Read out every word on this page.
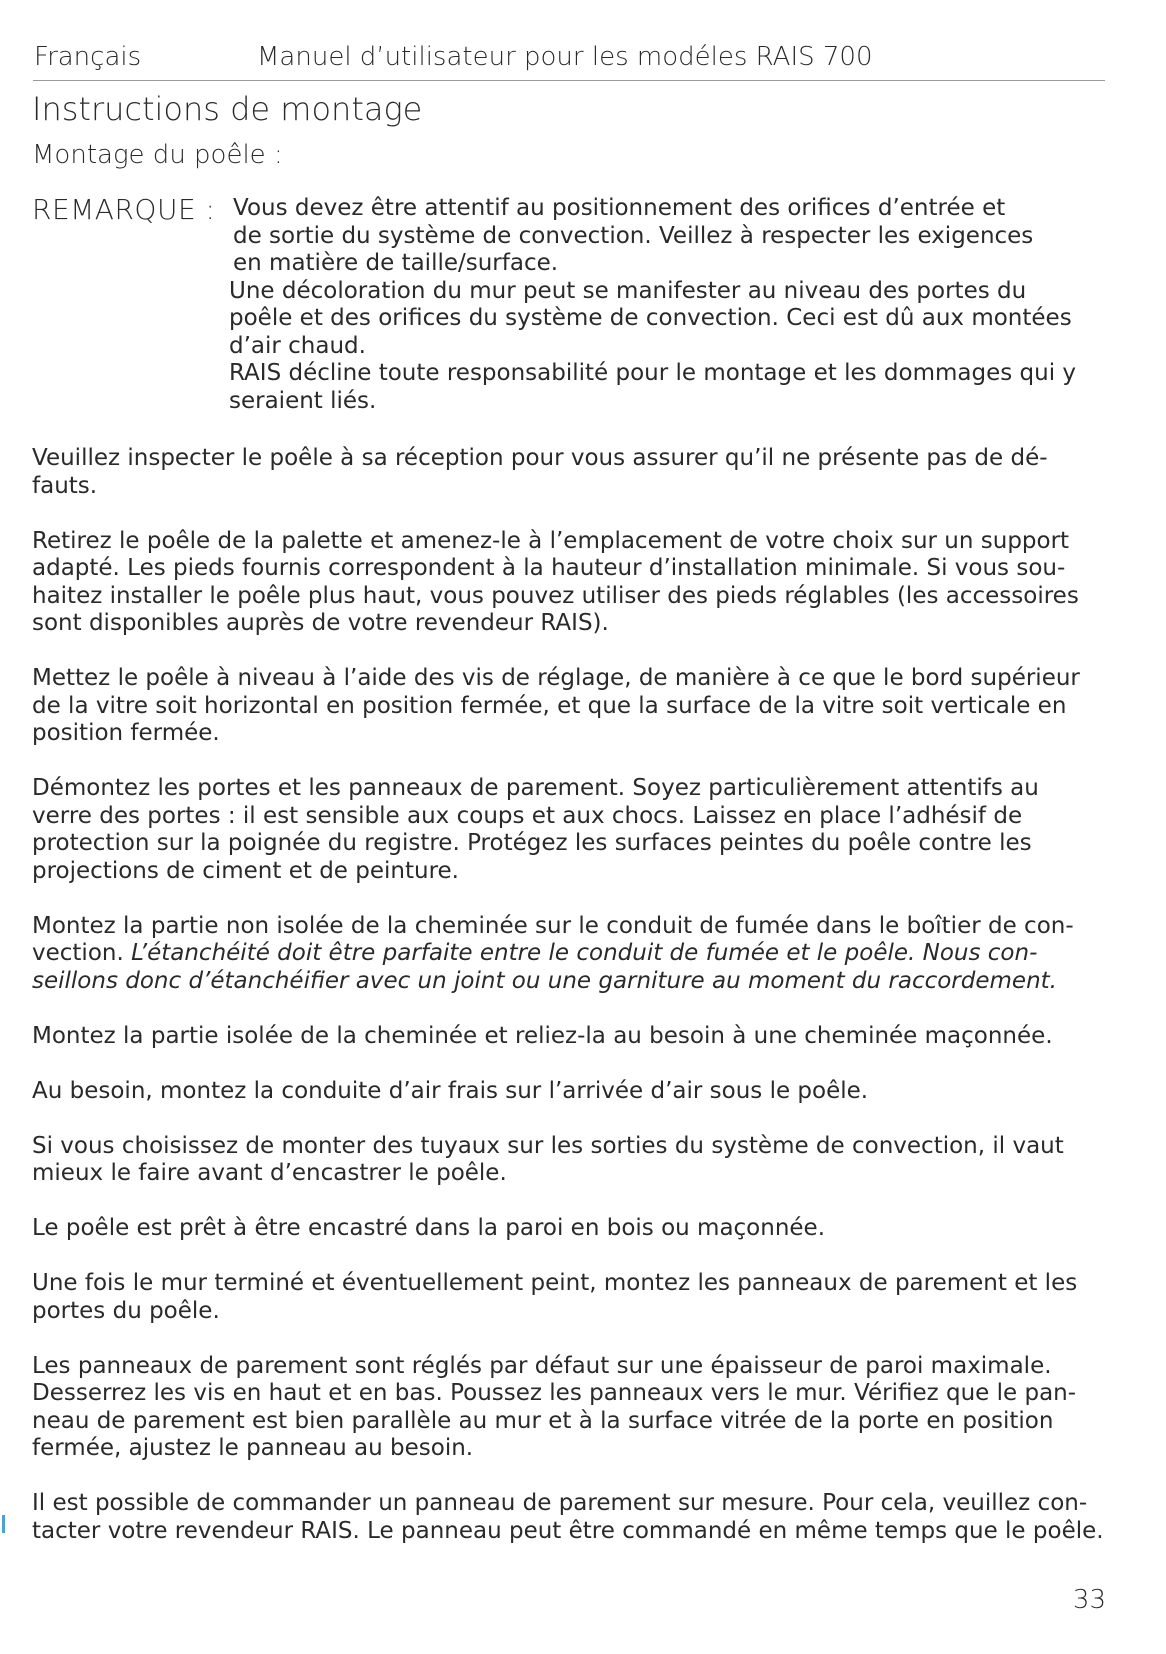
Français	Manuel d’utilisateur pour les modéles RAIS 700
Instructions de montage
Montage du poêle :
REMARQUE : Vous devez être attentif au positionnement des orifices d’entrée et

de sortie du système de convection. Veillez à respecter les exigences

en matière de taille/surface.

Une décoloration du mur peut se manifester au niveau des portes du

poêle et des orifices du système de convection. Ceci est dû aux montées

d’air chaud.

RAIS décline toute responsabilité pour le montage et les dommages qui y

seraient liés.

Veuillez inspecter le poêle à sa réception pour vous assurer qu’il ne présente pas de dé-
fauts.
Retirez le poêle de la palette et amenez-le à l’emplacement de votre choix sur un support
adapté. Les pieds fournis correspondent à la hauteur d’installation minimale. Si vous sou-
haitez installer le poêle plus haut, vous pouvez utiliser des pieds réglables (les accessoires
sont disponibles auprès de votre revendeur RAIS).
Mettez le poêle à niveau à l’aide des vis de réglage, de manière à ce que le bord supérieur
de la vitre soit horizontal en position fermée, et que la surface de la vitre soit verticale en
position fermée.
Démontez les portes et les panneaux de parement. Soyez particulièrement attentifs au
verre des portes : il est sensible aux coups et aux chocs. Laissez en place l’adhésif de
protection sur la poignée du registre. Protégez les surfaces peintes du poêle contre les
projections de ciment et de peinture.
Montez la partie non isolée de la cheminée sur le conduit de fumée dans le boîtier de con-
vection. L’étanchéité doit être parfaite entre le conduit de fumée et le poêle. Nous con-
seillons donc d’étanchéifier avec un joint ou une garniture au moment du raccordement.
Montez la partie isolée de la cheminée et reliez-la au besoin à une cheminée maçonnée.
Au besoin, montez la conduite d’air frais sur l’arrivée d’air sous le poêle.
Si vous choisissez de monter des tuyaux sur les sorties du système de convection, il vaut
mieux le faire avant d’encastrer le poêle.
Le poêle est prêt à être encastré dans la paroi en bois ou maçonnée.
Une fois le mur terminé et éventuellement peint, montez les panneaux de parement et les
portes du poêle.
Les panneaux de parement sont réglés par défaut sur une épaisseur de paroi maximale.
Desserrez les vis en haut et en bas. Poussez les panneaux vers le mur. Vérifiez que le pan-
neau de parement est bien parallèle au mur et à la surface vitrée de la porte en position
fermée, ajustez le panneau au besoin.
Il est possible de commander un panneau de parement sur mesure. Pour cela, veuillez con-
tacter votre revendeur RAIS. Le panneau peut être commandé en même temps que le poêle.
33
